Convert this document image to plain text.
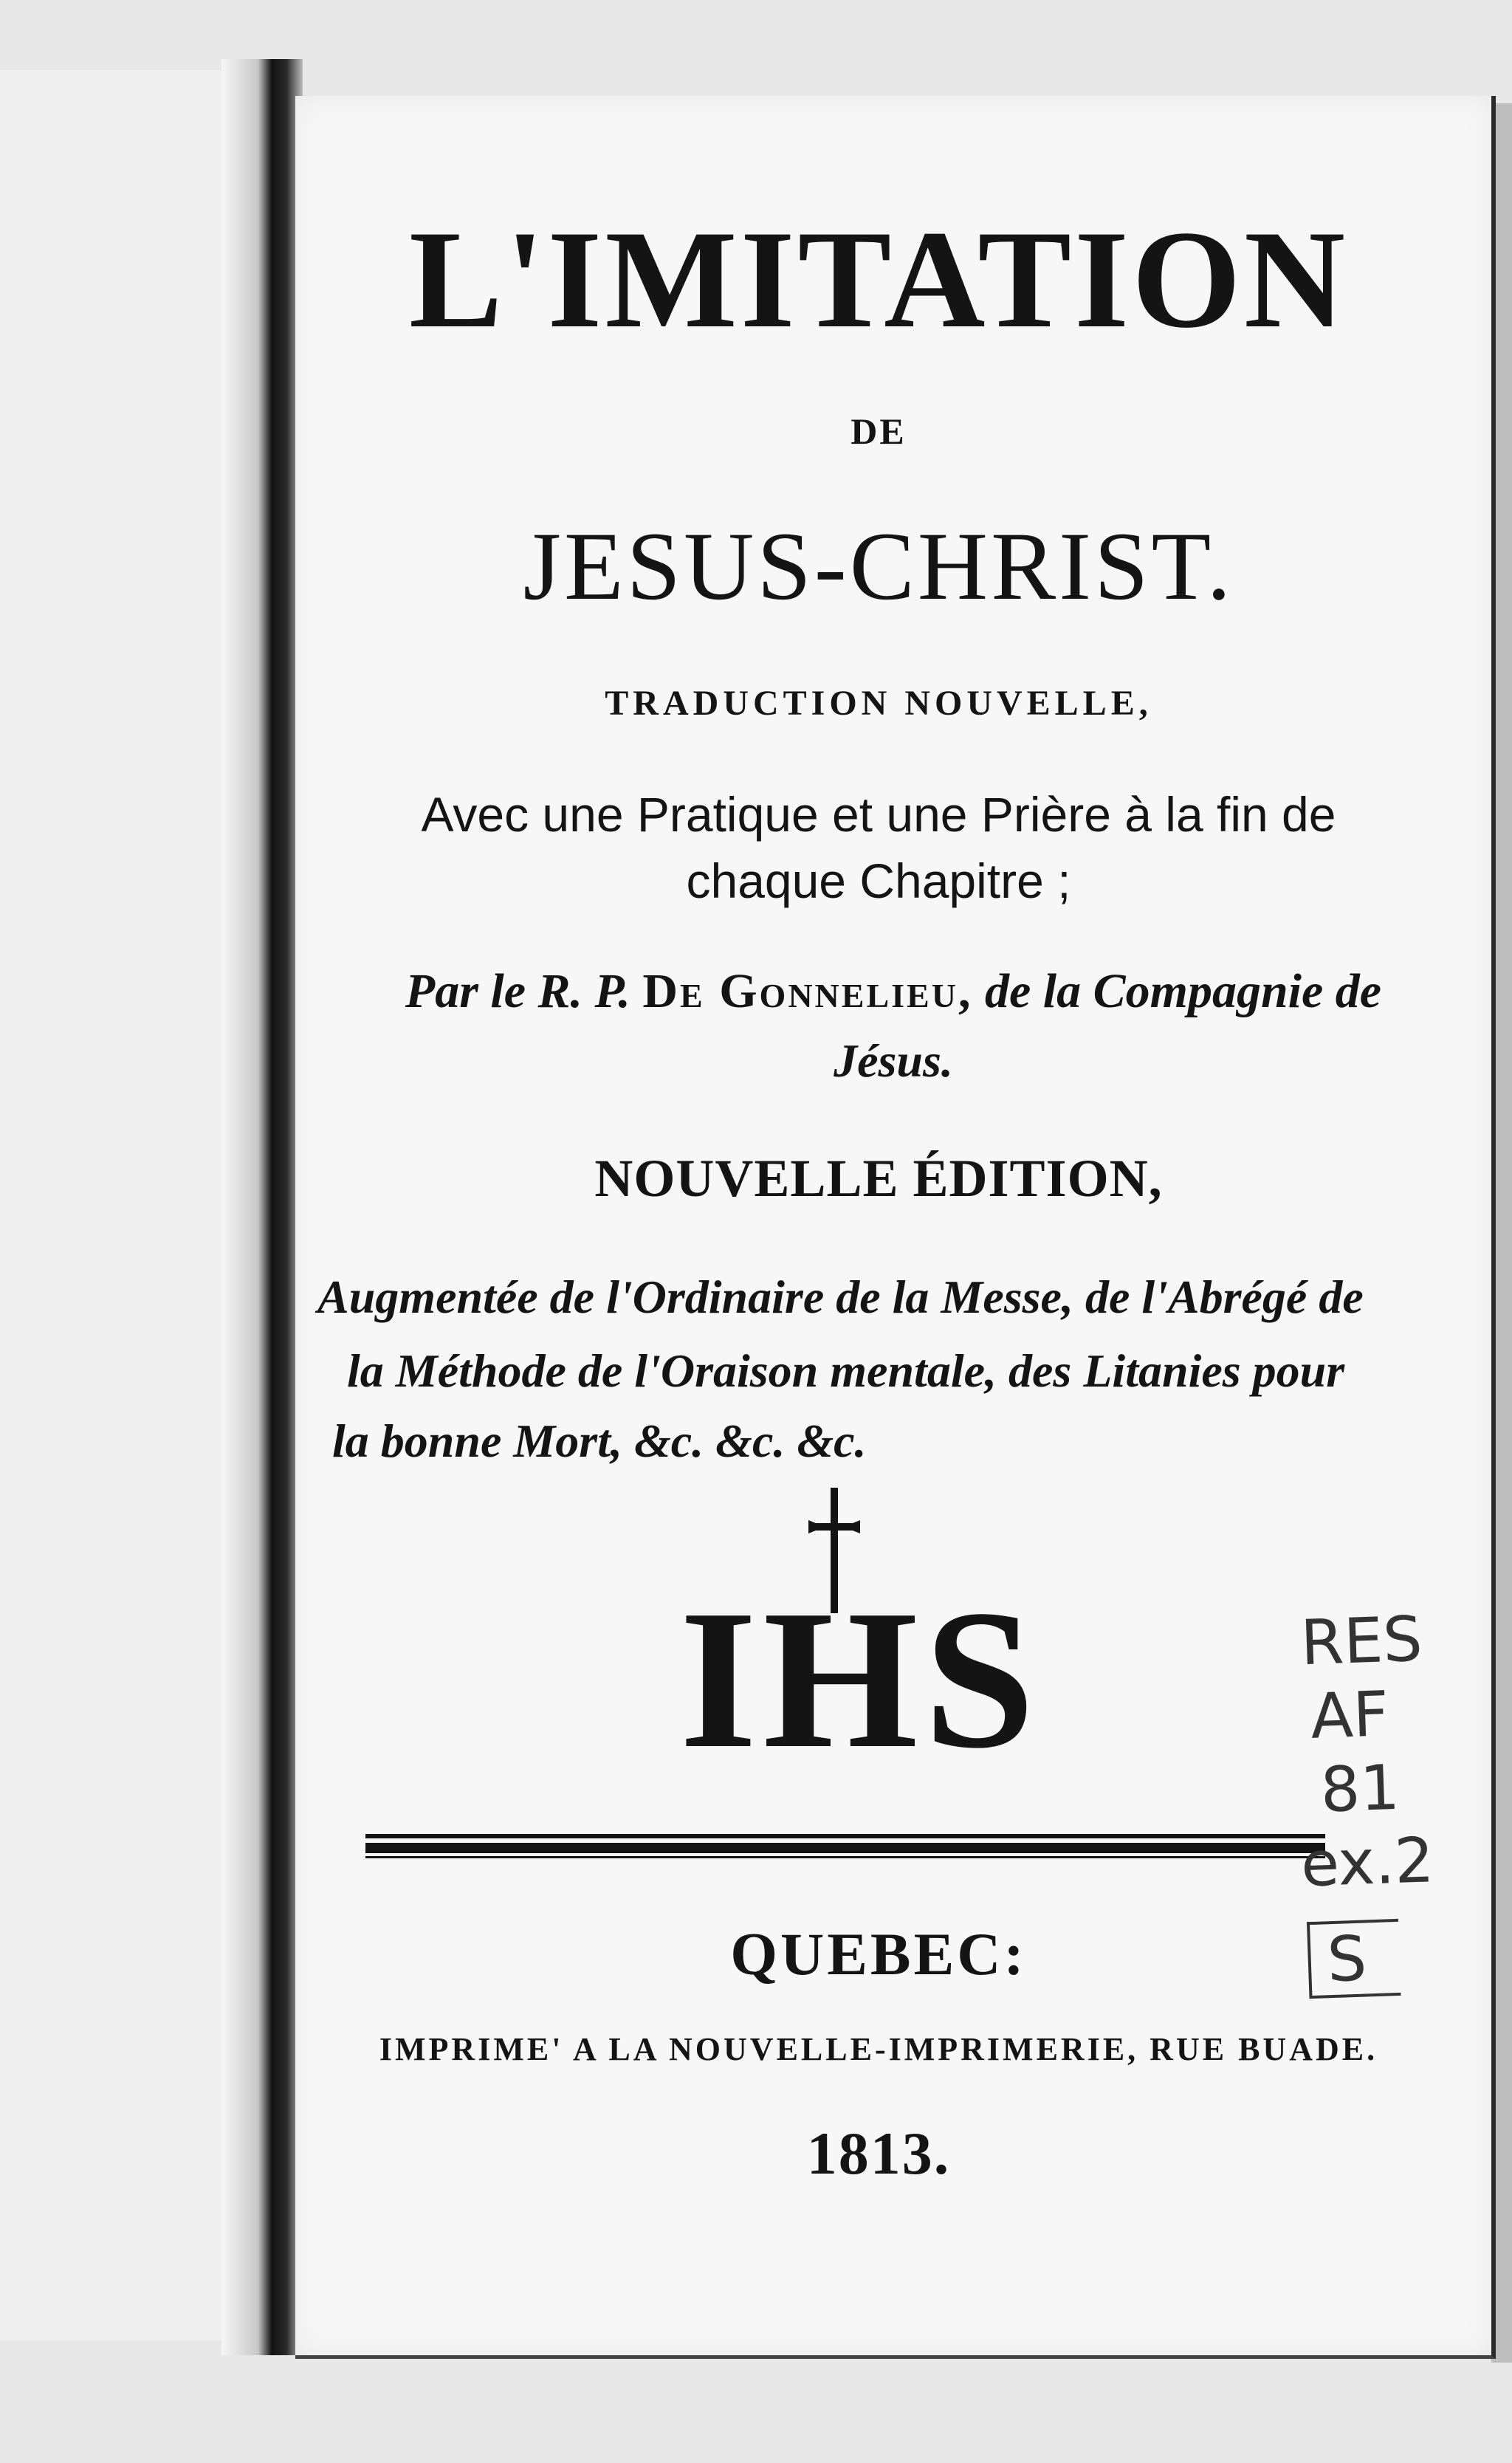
L'IMITATION
DE
JESUS-CHRIST.
TRADUCTION NOUVELLE,
Avec une Pratique et une Prière à la fin de
chaque Chapitre ;
Par le R. P. De Gonnelieu, de la Compagnie de
Jésus.
NOUVELLE ÉDITION,
Augmentée de l'Ordinaire de la Messe, de l'Abrégé de
la Méthode de l'Oraison mentale, des Litanies pour
la bonne Mort, &c. &c. &c.
IHS
QUEBEC:
IMPRIME' A LA NOUVELLE-IMPRIMERIE, RUE BUADE.
1813.
RES
AF
81
ex.2
S
